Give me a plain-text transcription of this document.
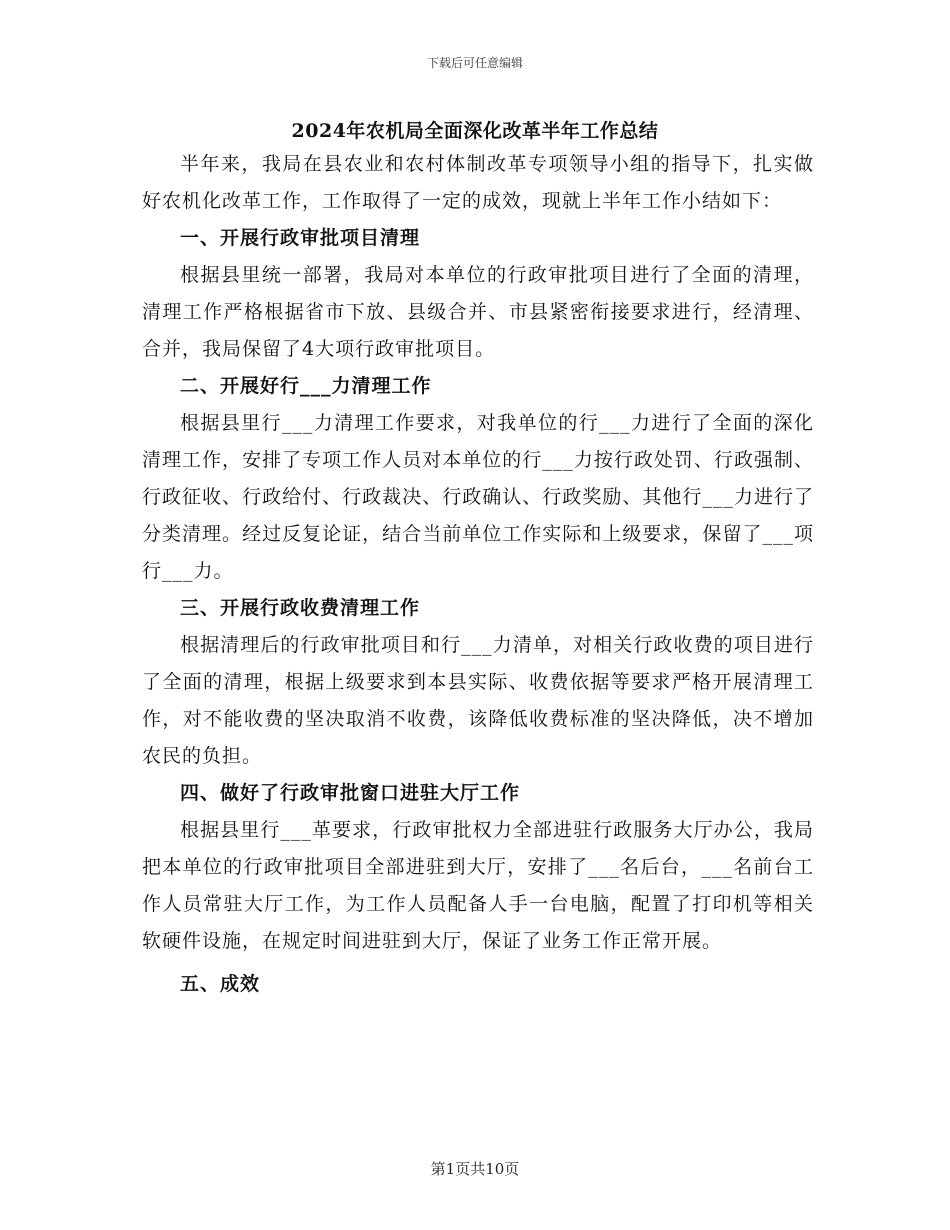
下载后可任意编辑
2024年农机局全面深化改革半年工作总结

半年来，我局在县农业和农村体制改革专项领导小组的指导下，扎实做好农机化改革工作，工作取得了一定的成效，现就上半年工作小结如下：

一、开展行政审批项目清理

根据县里统一部署，我局对本单位的行政审批项目进行了全面的清理，清理工作严格根据省市下放、县级合并、市县紧密衔接要求进行，经清理、合并，我局保留了4大项行政审批项目。

二、开展好行___力清理工作

根据县里行___力清理工作要求，对我单位的行___力进行了全面的深化清理工作，安排了专项工作人员对本单位的行___力按行政处罚、行政强制、行政征收、行政给付、行政裁决、行政确认、行政奖励、其他行___力进行了分类清理。经过反复论证，结合当前单位工作实际和上级要求，保留了___项行___力。

三、开展行政收费清理工作

根据清理后的行政审批项目和行___力清单，对相关行政收费的项目进行了全面的清理，根据上级要求到本县实际、收费依据等要求严格开展清理工作，对不能收费的坚决取消不收费，该降低收费标准的坚决降低，决不增加农民的负担。

四、做好了行政审批窗口进驻大厅工作

根据县里行___革要求，行政审批权力全部进驻行政服务大厅办公，我局把本单位的行政审批项目全部进驻到大厅，安排了___名后台，___名前台工作人员常驻大厅工作，为工作人员配备人手一台电脑，配置了打印机等相关软硬件设施，在规定时间进驻到大厅，保证了业务工作正常开展。

五、成效

第1页共10页
